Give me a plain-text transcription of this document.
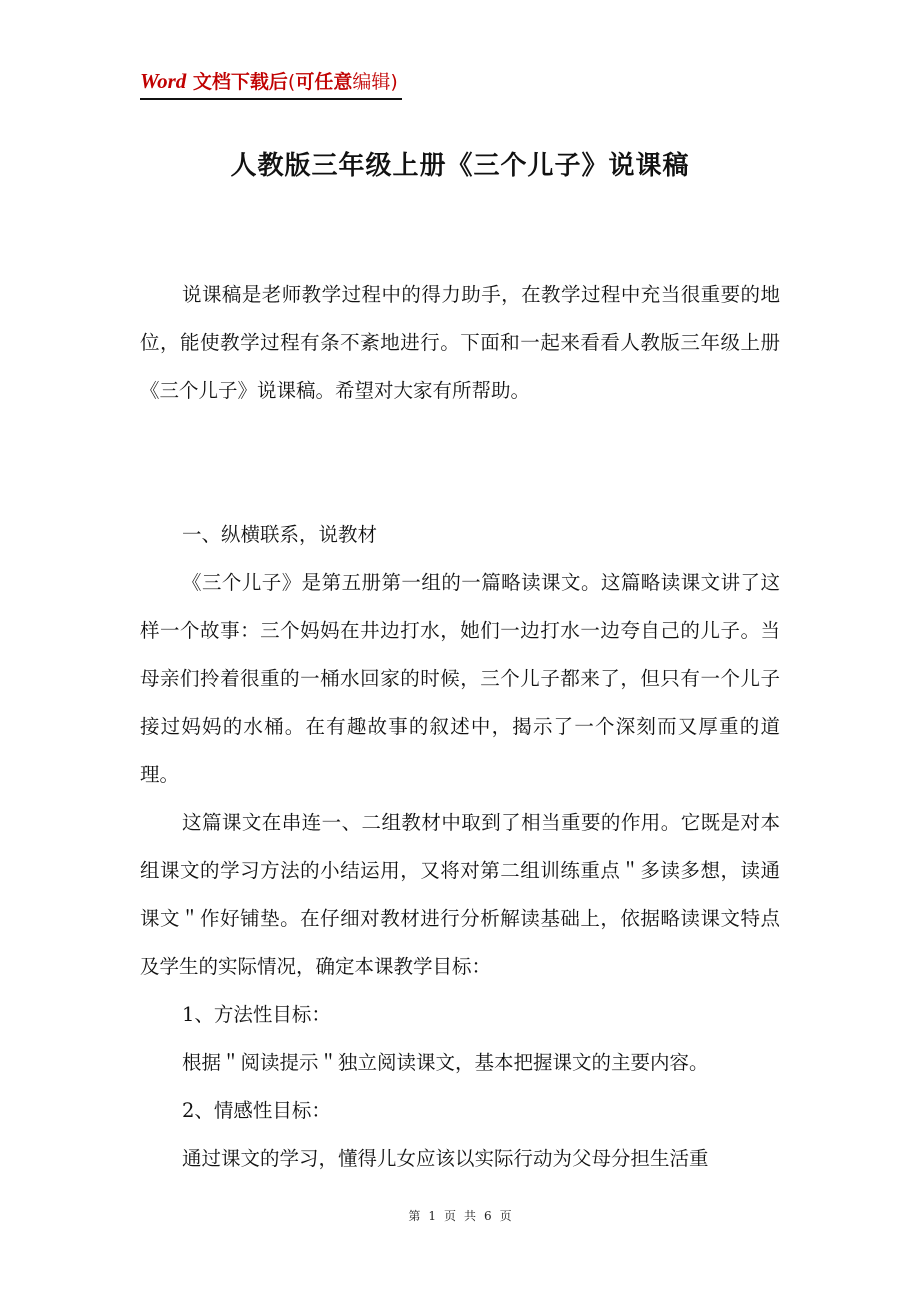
Word 文档下载后(可任意编辑)
人教版三年级上册《三个儿子》说课稿

说课稿是老师教学过程中的得力助手，在教学过程中充当很重要的地位，能使教学过程有条不紊地进行。下面和一起来看看人教版三年级上册《三个儿子》说课稿。希望对大家有所帮助。

一、纵横联系，说教材

《三个儿子》是第五册第一组的一篇略读课文。这篇略读课文讲了这样一个故事：三个妈妈在井边打水，她们一边打水一边夸自己的儿子。当母亲们拎着很重的一桶水回家的时候，三个儿子都来了，但只有一个儿子接过妈妈的水桶。在有趣故事的叙述中，揭示了一个深刻而又厚重的道理。

这篇课文在串连一、二组教材中取到了相当重要的作用。它既是对本组课文的学习方法的小结运用，又将对第二组训练重点＂多读多想，读通课文＂作好铺垫。在仔细对教材进行分析解读基础上，依据略读课文特点及学生的实际情况，确定本课教学目标：

1、方法性目标：

根据＂阅读提示＂独立阅读课文，基本把握课文的主要内容。

2、情感性目标：

通过课文的学习，懂得儿女应该以实际行动为父母分担生活重

第 1 页 共 6 页
